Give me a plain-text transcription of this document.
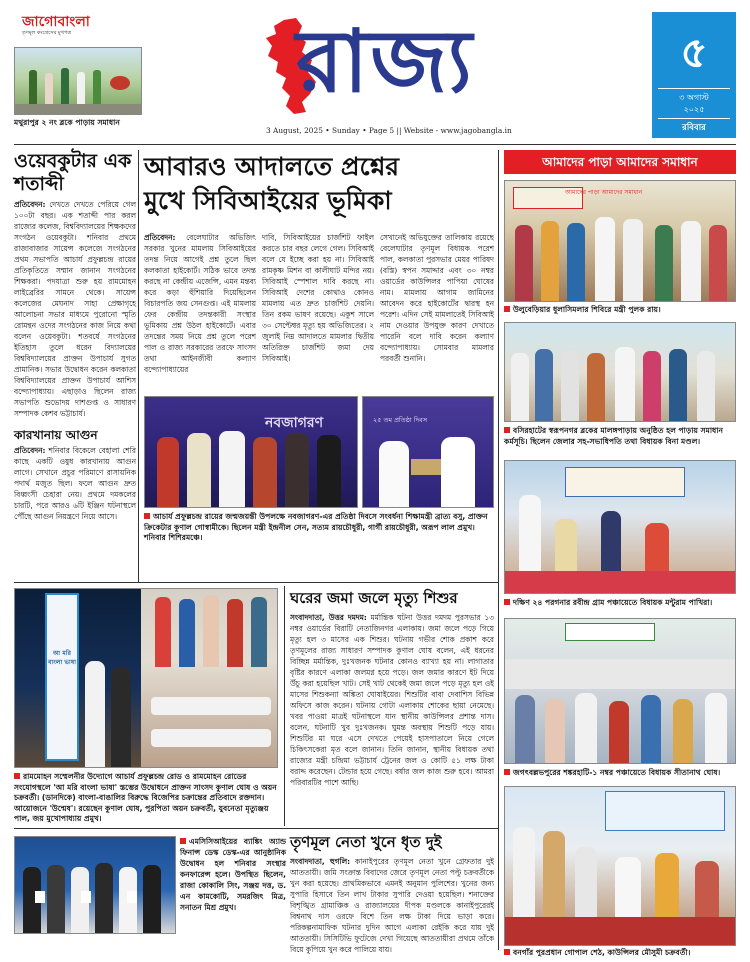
জাগোবাংলা
তৃণমূল কংগ্রেসের মুখপত্র
মথুরাপুর ২ নং ব্লকে পাড়ায় সমাধান
রাজ্য
3 August, 2025 • Sunday • Page 5 || Website - www.jagobangla.in
৫
৩ অগাস্ট
২০২৫
রবিবার
ওয়েবকুটার এক শতাব্দী
প্রতিবেদন: দেখতে দেখতে পেরিয়ে গেল ১০০টা বছর। এক শতাব্দী পার করল রাজ্যের কলেজ, বিশ্ববিদ্যালয়ের শিক্ষকদের সংগঠন ওয়েবকুটা। শনিবার প্রথমে রাজাবাজার সায়েন্স কলেজে সংগঠনের প্রথম সভাপতি আচার্য প্রফুল্লচন্দ্র রায়ের প্রতিকৃতিতে সম্মান জানান সংগঠনের শিক্ষকরা। পদযাত্রা শুরু হয় রামমোহন লাইব্রেরির সামনে থেকে। সায়েন্স কলেজের মেঘনাদ সাহা প্রেক্ষাগৃহে আলোচনা সভার মাধ্যমে পুরোনো স্মৃতি রোমন্থন ওদের সংগঠনের কাজ নিয়ে কথা বলেন ওয়েবকুটা। শতবর্ষে সংগঠনের ইতিহাস তুলে ধরেন বিদ্যালয়ের বিশ্ববিদ্যালয়ের প্রাক্তন উপাচার্য সুগত প্রামানিক। সভার উদ্বোধন করেন কলকাতা বিশ্ববিদ্যালয়ের প্রাক্তন উপাচার্য আশিস বন্দ্যোপাধ্যায়। এছাড়াও ছিলেন রাজ্য সভাপতি শুভোদয় দাশগুপ্ত ও সাধারণ সম্পাদক কেশব ভট্টাচার্য।
কারখানায় আগুন
প্রতিবেদন: শনিবার বিকেলে বেহালা শেরি কাছে একটি ওষুধ কারখানায় আগুন লাগে। সেখানে প্রচুর পরিমাণে রাসায়নিক পদার্থ মজুত ছিল। ফলে আগুন দ্রুত বিধ্বংসী চেহারা নেয়। প্রথমে দমকলের চারটি, পরে আরও ৬টি ইঞ্জিন ঘটনাস্থলে পৌঁছে আগুন নিয়ন্ত্রণে নিয়ে আসে।
আবারও আদালতে প্রশ্নের
মুখে সিবিআইয়ের ভূমিকা
প্রতিবেদন: বেলেঘাটার অভিজিৎ সরকার খুনের মামলায় সিবিআইয়ের তদন্ত নিয়ে আগেই প্রশ্ন তুলে ছিল কলকাতা হাইকোর্ট। সঠিক ভাবে তদন্ত করছে না কেন্দ্রীয় এজেন্সি, এমন মন্তব্য করে কড়া হুঁশিয়ারি দিয়েছিলেন বিচারপতি জয় সেনগুপ্ত। এই মামলায় ফের কেন্দ্রীয় তদন্তকারী সংস্থার ভূমিকায় প্রশ্ন উঠল হাইকোর্টে। এবার তদন্তের সময় নিয়ে প্রশ্ন তুলে পরেশ পাল ও রাজ্য সরকারের তরফে সাংসদ তথা আইনজীবী কল্যাণ বন্দ্যোপাধ্যায়ের
দাবি, সিবিআইয়ের চার্জশিট ফাইল করতে চার বছর লেগে গেল। সিবিআই বলে যে ইচ্ছে করা হয় না। সিবিআই রামকৃষ্ণ মিশন বা কালীঘাট মন্দির নয়। সিবিআই স্পেশাল দাবি করছে না। সিবিআই দেশের কোথাও কোনও মামলায় এত দ্রুত চার্জশিট দেয়নি। তিন রকম ভাষণ রয়েছে। একুশ সালে ৩০ সেপ্টেম্বর মৃত্যু হয় অভিজিতের। ২ জুলাই নিম্ন আদালতে মামলার দ্বিতীয় অতিরিক্ত চার্জশিট জমা দেয় সিবিআই।
সেখানেই অভিযুক্তের তালিকায় রয়েছে বেলেঘাটার তৃণমূল বিধায়ক পরেশ পাল, কলকাতা পুরসভার মেয়র পারিষদ (বস্তি) স্বপন সমাদ্দার এবং ৩০ নম্বর ওয়ার্ডের কাউন্সিলর পাপিয়া ঘোষের নাম। মামলায় আগাম জামিনের আবেদন করে হাইকোর্টের দ্বারস্থ হন পরেশ। এদিন সেই মামলাতেই সিবিআই নাম দেওয়ার উপযুক্ত কারণ দেখাতে পারেনি বলে দাবি করেন কল্যাণ বন্দ্যোপাধ্যায়। সোমবার মামলার পরবর্তী শুনানি।
নবজাগরণ	২৫ তম প্রতিষ্ঠা দিবস
আচার্য প্রফুল্লচন্দ্র রায়ের জন্মজয়ন্তী উপলক্ষে নবজাগরণ-এর প্রতিষ্ঠা দিবসে সংবর্ধনা শিক্ষামন্ত্রী ব্রাত্য বসু, প্রাক্তন ক্রিকেটার কুণাল গোস্বামীকে। ছিলেন মন্ত্রী ইন্দ্রনীল সেন, সত্যম রায়চৌধুরী, গার্গী রায়চৌধুরী, অরূপ লাল প্রমুখ। শনিবার শিশিরমঞ্চে।
আমাদের পাড়া আমাদের সমাধান
আমাদের পাড়া আমাদের সমাধান
উলুবেড়িয়ার ধুলাসিমলার শিবিরে মন্ত্রী পুলক রায়।
বসিরহাটের স্বরূপনগর ব্লকের মালঙ্গপাড়ায় অনুষ্ঠিত হল পাড়ায় সমাধান কর্মসূচি। ছিলেন জেলার সহ-সভাধিপতি তথা বিধায়ক বিনা মণ্ডল।
দক্ষিণ ২৪ পরগনার রবীন্দ্র গ্রাম পঞ্চায়েতে বিধায়ক মন্টুরাম পাখিরা।
জগৎবল্লভপুরের শঙ্করহাটি-১ নম্বর পঞ্চায়েতে বিধায়ক সীতানাথ ঘোষ।
বনগাঁর পুরপ্রধান গোপাল শেঠ, কাউন্সিলর মৌসুমী চক্রবর্তী।
আ মরি বাংলা ভাষা
রামমোহন সম্মেলনীর উদ্যোগে আচার্য প্রফুল্লচন্দ্র রোড ও রামমোহন রোডের সংযোগস্থলে 'আ মরি বাংলা ভাষা' স্তম্ভের উদ্বোধনে প্রাক্তন সাংসদ কুণাল ঘোষ ও অয়ন চক্রবর্তী। (ডানদিকে) বাংলা-বাঙালির বিরুদ্ধে বিজেপির চক্রান্তের প্রতিবাদে রক্তদান। আয়োজনে 'উন্মেষ'। রয়েছেন কুণাল ঘোষ, পুরপিতা অয়ন চক্রবর্তী, যুবনেতা মৃত্যুঞ্জয় পাল, জয় মুখোপাধ্যায় প্রমুখ।
ঘরের জমা জলে মৃত্যু শিশুর
সংবাদদাতা, উত্তর দমদম: মর্মান্তিক ঘটনা উত্তর দমদম পুরসভার ১৩ নম্বর ওয়ার্ডের বিরাটি নেতাজিনগর এলাকায়। জমা জলে পড়ে গিয়ে মৃত্যু হল ৩ মাসের এক শিশুর। ঘটনায় গভীর শোক প্রকাশ করে তৃণমূলের রাজ্য সাধারণ সম্পাদক কুণাল ঘোষ বলেন, এই ধরনের বিচ্ছিন্ন মর্মান্তিক, দুঃখজনক ঘটনার কোনও ব্যাখ্যা হয় না। লাগাতার বৃষ্টির কারণে এলাকা জলমগ্ন হয়ে পড়ে। জল জমার কারণে ইট দিয়ে উঁচু করা হয়েছিল খাট। সেই খাট থেকেই জমা জলে পড়ে মৃত্যু হল ওই মাসের শিশুকন্যা অঙ্কিতা ঘোষাইয়ের। শিশুটির বাবা দেবাশিস বিভিন্ন অফিসে কাজ করেন। ঘটনায় গোটা এলাকায় শোকের ছায়া নেমেছে। খবর পাওয়া মাত্রই ঘটনাস্থলে যান স্থানীয় কাউন্সিলর প্রশান্ত দাস। বলেন, ঘটনাটি খুব দুঃখজনক। ঘুমন্ত অবস্থায় শিশুটি পড়ে যায়। শিশুটির মা ঘরে এসে দেখতে পেয়েই হাসপাতালে নিয়ে গেলে চিকিৎসকেরা মৃত বলে জানান। তিনি জানান, স্থানীয় বিধায়ক তথা রাজ্যের মন্ত্রী চন্দ্রিমা ভট্টাচার্য ট্রেনের জল ও কোটি ৫১ লক্ষ টাকা বরাদ্দ করেছেন। টেন্ডার হয়ে গেছে। বর্ষার জল কাজ শুরু হবে। আমরা পরিবারটির পাশে আছি।
এমসিসিআইয়ের ব্যাঙ্কিং অ্যান্ড ফিনান্স ডেস্ক ডেস্ক-এর আনুষ্ঠানিক উদ্বোধন হল শনিবার সংস্থার কনফারেন্স হলে। উপস্থিত ছিলেন, রাজা কোকালি সিং, সঞ্জয় দত্ত, ড. এন কামকোটি, সমরজিৎ মিত্র, সনাতন মিশ্র প্রমুখ।
তৃণমূল নেতা খুনে ধৃত দুই
সংবাদদাতা, হুগলি: কানাইপুরের তৃণমূল নেতা খুনে গ্রেফতার দুই আততায়ী। জমি সংক্রান্ত বিবাদের জেরে তৃণমূল নেতা পল্টু চক্রবর্তীকে খুন করা হয়েছে। প্রাথমিকভাবে এমনই অনুমান পুলিশের। খুনের জন্য সুপারি হিসাবে তিন লাখ টাকার সুপারি দেওয়া হয়েছিল। শনাক্তের বিশৃঙ্খিত গ্রামাঞ্চিক ও রাজ্যালয়ের দীপক মণ্ডলকে কানাইপুরেরই বিশ্বনাথ দাস ওরফে বিশে তিন লক্ষ টাকা দিয়ে ভাড়া করে। পরিকল্পনামাফিক ঘটনার দুদিন আগে এলাকা রেইকি করে যায় দুই আততায়ী। সিসিটিভি ফুটেজে দেখা গিয়েছে আততায়ীরা প্রথমে তাঁকে বিয়ে কুপিয়ে খুন করে পালিয়ে যায়।
